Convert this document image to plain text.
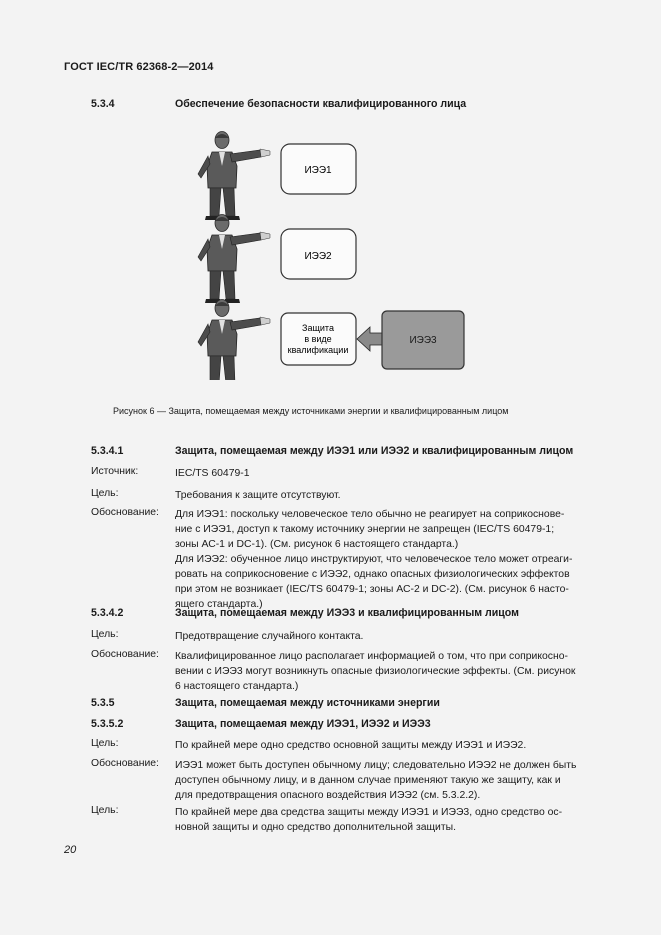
ГОСТ IEC/TR 62368-2—2014
5.3.4	Обеспечение безопасности квалифицированного лица
ИЭЭ1
ИЭЭ2
Защита
в виде
квалификации
ИЭЭ3
Рисунок 6 — Защита, помещаемая между источниками энергии и квалифицированным лицом
5.3.4.1	Защита, помещаемая между ИЭЭ1 или ИЭЭ2 и квалифицированным лицом
Источник:	IEC/TS 60479-1
Цель:	Требования к защите отсутствуют.
Обоснование: Для ИЭЭ1: поскольку человеческое тело обычно не реагирует на соприкоснове-
ние с ИЭЭ1, доступ к такому источнику энергии не запрещен (IEC/TS 60479-1;
зоны АС-1 и DC-1). (См. рисунок 6 настоящего стандарта.)
Для ИЭЭ2: обученное лицо инструктируют, что человеческое тело может отреаги-
ровать на соприкосновение с ИЭЭ2, однако опасных физиологических эффектов
при этом не возникает (IEC/TS 60479-1; зоны АС-2 и DC-2). (См. рисунок 6 насто-
ящего стандарта.)
5.3.4.2	Защита, помещаемая между ИЭЭ3 и квалифицированным лицом
Цель:	Предотвращение случайного контакта.
Обоснование: Квалифицированное лицо располагает информацией о том, что при соприкосно-
вении с ИЭЭ3 могут возникнуть опасные физиологические эффекты. (См. рисунок
6 настоящего стандарта.)
5.3.5	Защита, помещаемая между источниками энергии
5.3.5.2	Защита, помещаемая между ИЭЭ1, ИЭЭ2 и ИЭЭ3
Цель:	По крайней мере одно средство основной защиты между ИЭЭ1 и ИЭЭ2.
Обоснование: ИЭЭ1 может быть доступен обычному лицу; следовательно ИЭЭ2 не должен быть
доступен обычному лицу, и в данном случае применяют такую же защиту, как и
для предотвращения опасного воздействия ИЭЭ2 (см. 5.3.2.2).
Цель:	По крайней мере два средства защиты между ИЭЭ1 и ИЭЭ3, одно средство ос-
новной защиты и одно средство дополнительной защиты.
20
